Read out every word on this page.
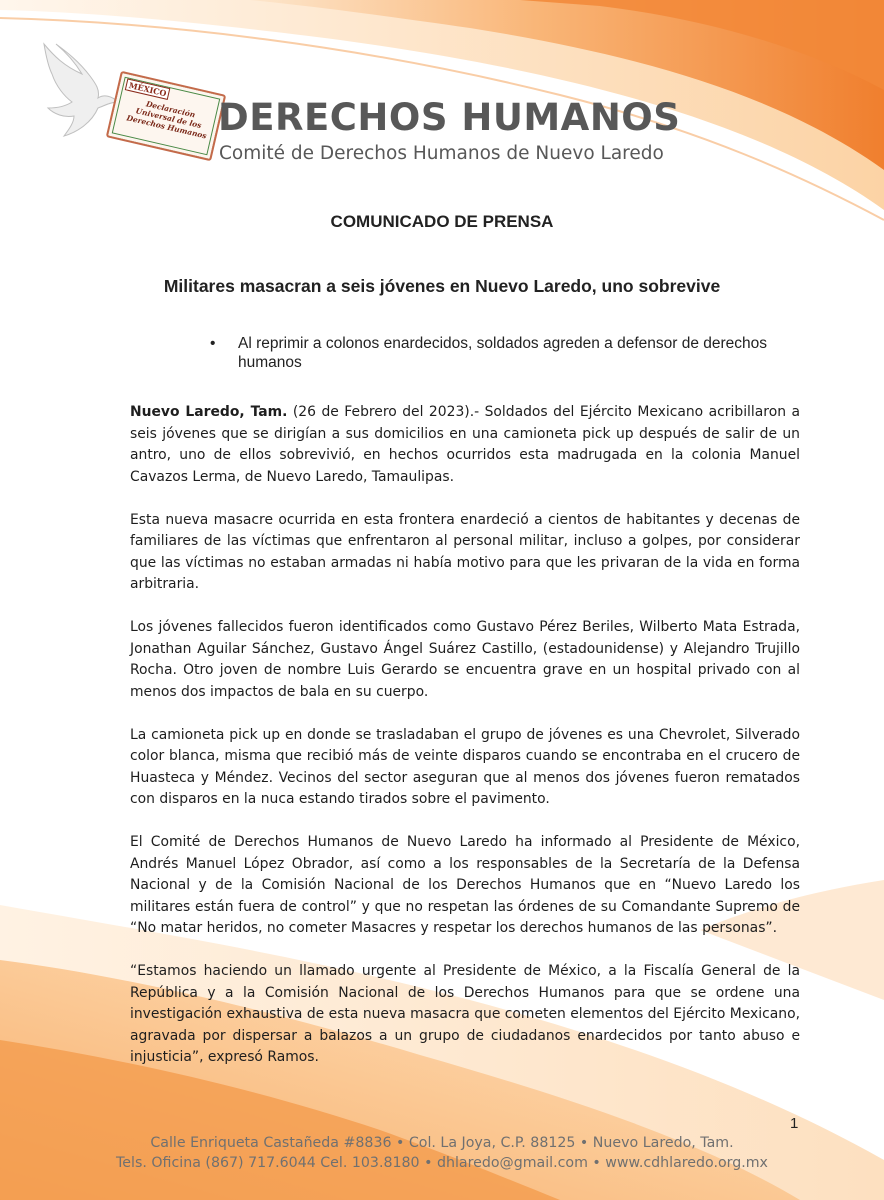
MÉXICO
Declaración Universal de los Derechos Humanos DERECHOS HUMANOS
Comité de Derechos Humanos de Nuevo Laredo
COMUNICADO DE PRENSA
Militares masacran a seis jóvenes en Nuevo Laredo, uno sobrevive
•	Al reprimir a colonos enardecidos, soldados agreden a defensor de derechos humanos

Nuevo Laredo, Tam. (26 de Febrero del 2023).- Soldados del Ejército Mexicano acribillaron a seis jóvenes que se dirigían a sus domicilios en una camioneta pick up después de salir de un antro, uno de ellos sobrevivió, en hechos ocurridos esta madrugada en la colonia Manuel Cavazos Lerma, de Nuevo Laredo, Tamaulipas.

Esta nueva masacre ocurrida en esta frontera enardeció a cientos de habitantes y decenas de familiares de las víctimas que enfrentaron al personal militar, incluso a golpes, por considerar que las víctimas no estaban armadas ni había motivo para que les privaran de la vida en forma arbitraria.

Los jóvenes fallecidos fueron identificados como Gustavo Pérez Beriles, Wilberto Mata Estrada, Jonathan Aguilar Sánchez, Gustavo Ángel Suárez Castillo, (estadounidense) y Alejandro Trujillo Rocha. Otro joven de nombre Luis Gerardo se encuentra grave en un hospital privado con al menos dos impactos de bala en su cuerpo.

La camioneta pick up en donde se trasladaban el grupo de jóvenes es una Chevrolet, Silverado color blanca, misma que recibió más de veinte disparos cuando se encontraba en el crucero de Huasteca y Méndez. Vecinos del sector aseguran que al menos dos jóvenes fueron rematados con disparos en la nuca estando tirados sobre el pavimento.

El Comité de Derechos Humanos de Nuevo Laredo ha informado al Presidente de México, Andrés Manuel López Obrador, así como a los responsables de la Secretaría de la Defensa Nacional y de la Comisión Nacional de los Derechos Humanos que en “Nuevo Laredo los militares están fuera de control” y que no respetan las órdenes de su Comandante Supremo de “No matar heridos, no cometer Masacres y respetar los derechos humanos de las personas”.

“Estamos haciendo un llamado urgente al Presidente de México, a la Fiscalía General de la República y a la Comisión Nacional de los Derechos Humanos para que se ordene una investigación exhaustiva de esta nueva masacra que cometen elementos del Ejército Mexicano, agravada por dispersar a balazos a un grupo de ciudadanos enardecidos por tanto abuso e injusticia”, expresó Ramos.

1
Calle Enriqueta Castañeda #8836 • Col. La Joya, C.P. 88125 • Nuevo Laredo, Tam.
Tels. Oficina (867) 717.6044 Cel. 103.8180 • dhlaredo@gmail.com • www.cdhlaredo.org.mx
